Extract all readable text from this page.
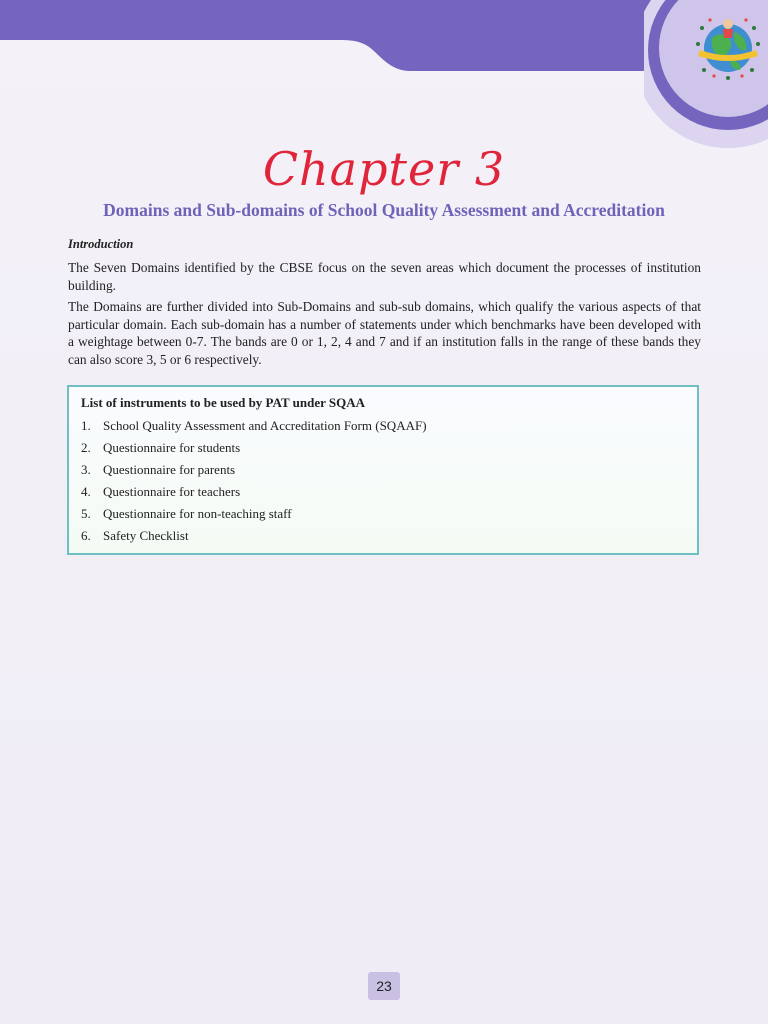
Chapter 3
Domains and Sub-domains of School Quality Assessment and Accreditation
Introduction
The Seven Domains identified by the CBSE focus on the seven areas which document the processes of institution building.
The Domains are further divided into Sub-Domains and sub-sub domains, which qualify the various aspects of that particular domain. Each sub-domain has a number of statements under which benchmarks have been developed with a weightage between 0-7. The bands are 0 or 1, 2, 4 and 7 and if an institution falls in the range of these bands they can also score 3, 5 or 6 respectively.
List of instruments to be used by PAT under SQAA
1. School Quality Assessment and Accreditation Form (SQAAF)
2. Questionnaire for students
3. Questionnaire for parents
4. Questionnaire for teachers
5. Questionnaire for non-teaching staff
6. Safety Checklist
23
